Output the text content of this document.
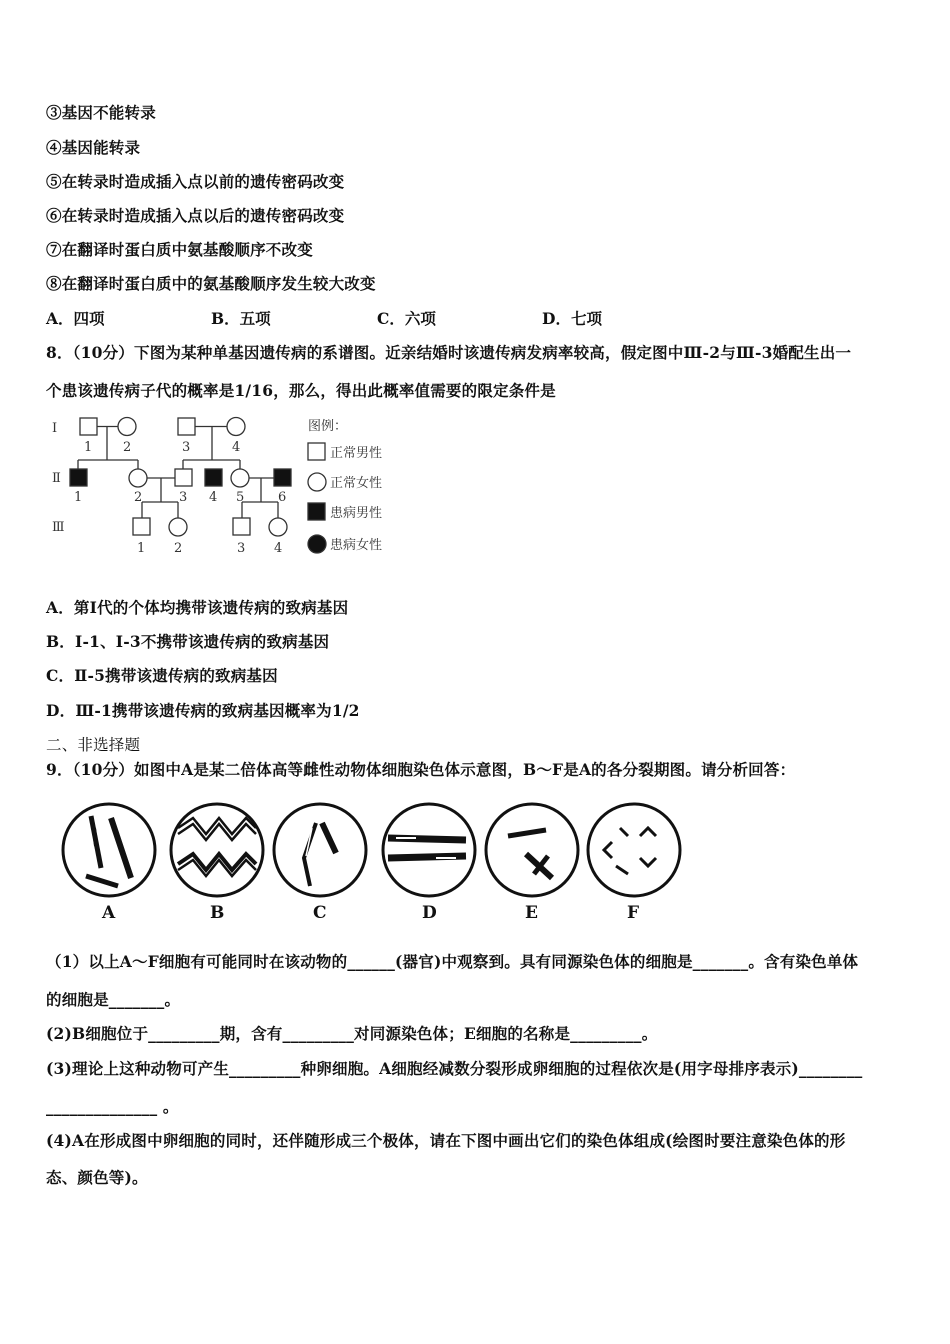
③基因不能转录
④基因能转录
⑤在转录时造成插入点以前的遗传密码改变
⑥在转录时造成插入点以后的遗传密码改变
⑦在翻译时蛋白质中氨基酸顺序不改变
⑧在翻译时蛋白质中的氨基酸顺序发生较大改变
A．四项	B．五项	C．六项	D．七项
8．（10分）下图为某种单基因遗传病的系谱图。近亲结婚时该遗传病发病率较高，假定图中Ⅲ-2与Ⅲ-3婚配生出一
个患该遗传病子代的概率是1/16，那么，得出此概率值需要的限定条件是
Ⅰ
Ⅱ
Ⅲ
1 2	3	4
1	2	3 4 5	6
1 2	3 4
图例：
正常男性
正常女性
患病男性
患病女性
A．第Ⅰ代的个体均携带该遗传病的致病基因
B．Ⅰ-1、Ⅰ-3不携带该遗传病的致病基因
C．Ⅱ-5携带该遗传病的致病基因
D．Ⅲ-1携带该遗传病的致病基因概率为1/2
二、非选择题
9．（10分）如图中A是某二倍体高等雌性动物体细胞染色体示意图，B～F是A的各分裂期图。请分析回答：
A	B	C	D	E	F
（1）以上A～F细胞有可能同时在该动物的______(器官)中观察到。具有同源染色体的细胞是_______。含有染色单体
的细胞是_______。
(2)B细胞位于_________期，含有_________对同源染色体；E细胞的名称是_________。
(3)理论上这种动物可产生_________种卵细胞。A细胞经减数分裂形成卵细胞的过程依次是(用字母排序表示)________
______________ 。
(4)A在形成图中卵细胞的同时，还伴随形成三个极体，请在下图中画出它们的染色体组成(绘图时要注意染色体的形
态、颜色等)。
